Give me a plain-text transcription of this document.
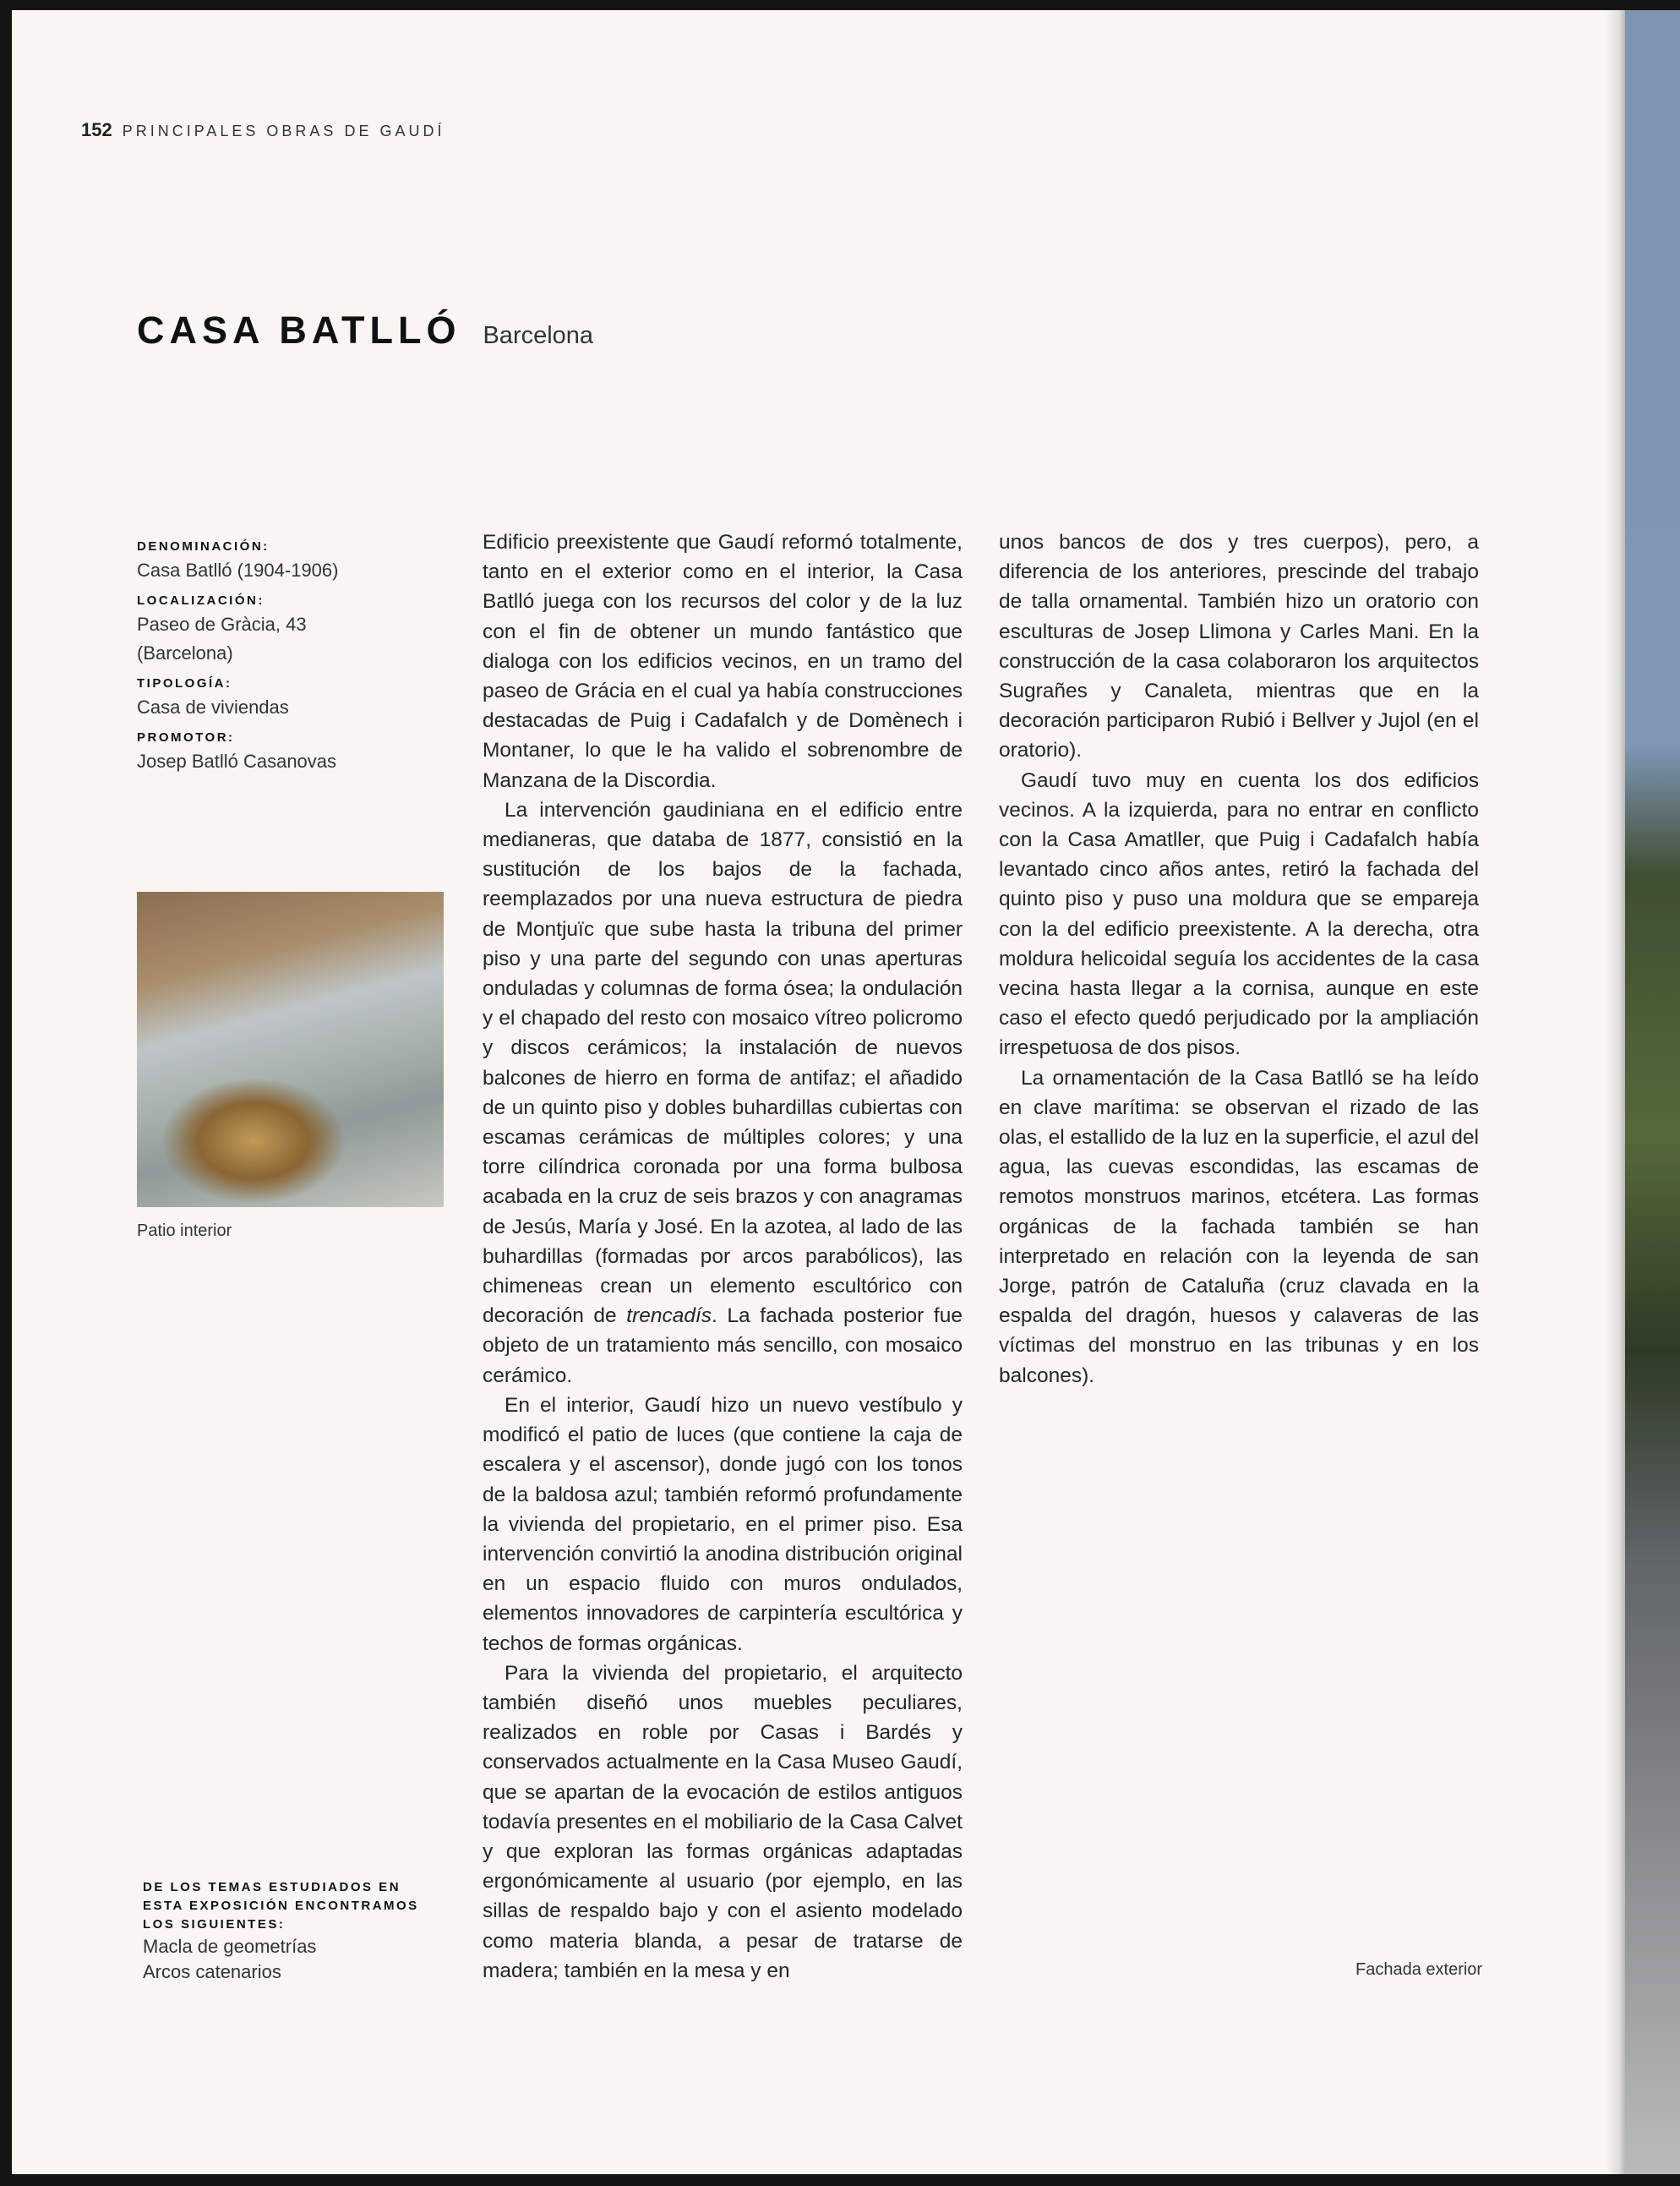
152 PRINCIPALES OBRAS DE GAUDÍ
CASA BATLLÓ Barcelona
DENOMINACIÓN:
Casa Batlló (1904-1906)
LOCALIZACIÓN:
Paseo de Gràcia, 43
(Barcelona)
TIPOLOGÍA:
Casa de viviendas
PROMOTOR:
Josep Batlló Casanovas
DE LOS TEMAS ESTUDIADOS EN ESTA EXPOSICIÓN ENCONTRAMOS LOS SIGUIENTES:
Macla de geometrías
Arcos catenarios

Edificio preexistente que Gaudí reformó totalmente, tanto en el exterior como en el interior, la Casa Batlló juega con los recursos del color y de la luz con el fin de obtener un mundo fantástico que dialoga con los edificios vecinos, en un tramo del paseo de Grácia en el cual ya había construcciones destacadas de Puig i Cadafalch y de Domènech i Montaner, lo que le ha valido el sobrenombre de Manzana de la Discordia.

La intervención gaudiniana en el edificio entre medianeras, que databa de 1877, consistió en la sustitución de los bajos de la fachada, reemplazados por una nueva estructura de piedra de Montjuïc que sube hasta la tribuna del primer piso y una parte del segundo con unas aperturas onduladas y columnas de forma ósea; la ondulación y el chapado del resto con mosaico vítreo policromo y discos cerámicos; la instalación de nuevos balcones de hierro en forma de antifaz; el añadido de un quinto piso y dobles buhardillas cubiertas con escamas cerámicas de múltiples colores; y una torre cilíndrica coronada por una forma bulbosa acabada en la cruz de seis brazos y con anagramas de Jesús, María y José. En la azotea, al lado de las buhardillas (formadas por arcos parabólicos), las chimeneas crean un elemento escultórico con decoración de trencadís. La fachada posterior fue objeto de un tratamiento más sencillo, con mosaico cerámico.

En el interior, Gaudí hizo un nuevo vestíbulo y modificó el patio de luces (que contiene la caja de escalera y el ascensor), donde jugó con los tonos de la baldosa azul; también reformó profundamente la vivienda del propietario, en el primer piso. Esa intervención convirtió la anodina distribución original en un espacio fluido con muros ondulados, elementos innovadores de carpintería escultórica y techos de formas orgánicas.

Para la vivienda del propietario, el arquitecto también diseñó unos muebles peculiares, realizados en roble por Casas i Bardés y conservados actualmente en la Casa Museo Gaudí, que se apartan de la evocación de estilos antiguos todavía presentes en el mobiliario de la Casa Calvet y que exploran las formas orgánicas adaptadas ergonómicamente al usuario (por ejemplo, en las sillas de respaldo bajo y con el asiento modelado como materia blanda, a pesar de tratarse de madera; también en la mesa y en

unos bancos de dos y tres cuerpos), pero, a diferencia de los anteriores, prescinde del trabajo de talla ornamental. También hizo un oratorio con esculturas de Josep Llimona y Carles Mani. En la construcción de la casa colaboraron los arquitectos Sugrañes y Canaleta, mientras que en la decoración participaron Rubió i Bellver y Jujol (en el oratorio).

Gaudí tuvo muy en cuenta los dos edificios vecinos. A la izquierda, para no entrar en conflicto con la Casa Amatller, que Puig i Cadafalch había levantado cinco años antes, retiró la fachada del quinto piso y puso una moldura que se empareja con la del edificio preexistente. A la derecha, otra moldura helicoidal seguía los accidentes de la casa vecina hasta llegar a la cornisa, aunque en este caso el efecto quedó perjudicado por la ampliación irrespetuosa de dos pisos.

La ornamentación de la Casa Batlló se ha leído en clave marítima: se observan el rizado de las olas, el estallido de la luz en la superficie, el azul del agua, las cuevas escondidas, las escamas de remotos monstruos marinos, etcétera. Las formas orgánicas de la fachada también se han interpretado en relación con la leyenda de san Jorge, patrón de Cataluña (cruz clavada en la espalda del dragón, huesos y calaveras de las víctimas del monstruo en las tribunas y en los balcones).

Patio interior
Fachada exterior
